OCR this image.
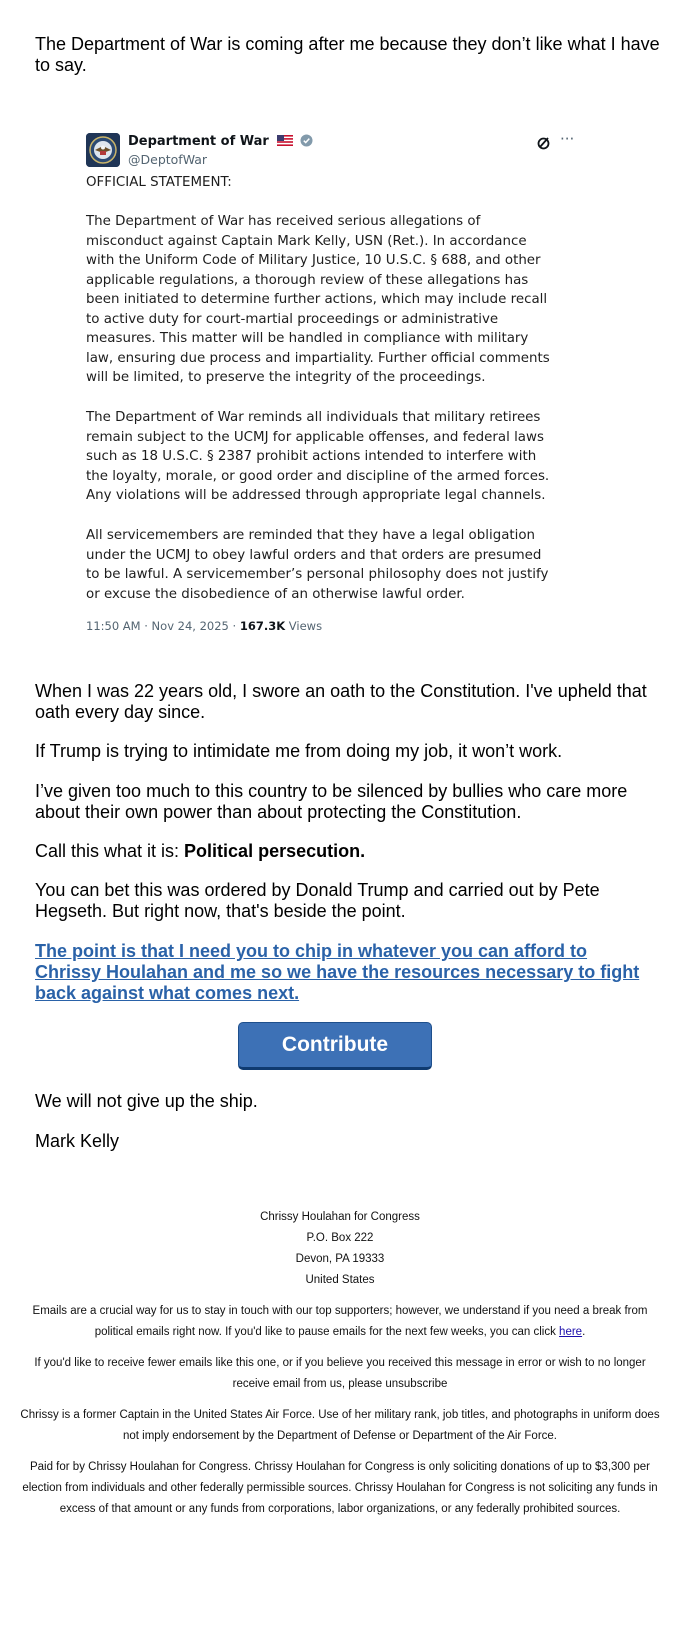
The Department of War is coming after me because they don’t like what I have to say.

Department of War
@DeptofWar
···

OFFICIAL STATEMENT:

The Department of War has received serious allegations of misconduct against Captain Mark Kelly, USN (Ret.). In accordance with the Uniform Code of Military Justice, 10 U.S.C. § 688, and other applicable regulations, a thorough review of these allegations has been initiated to determine further actions, which may include recall to active duty for court-martial proceedings or administrative measures. This matter will be handled in compliance with military law, ensuring due process and impartiality. Further official comments will be limited, to preserve the integrity of the proceedings.

The Department of War reminds all individuals that military retirees remain subject to the UCMJ for applicable offenses, and federal laws such as 18 U.S.C. § 2387 prohibit actions intended to interfere with the loyalty, morale, or good order and discipline of the armed forces. Any violations will be addressed through appropriate legal channels.

All servicemembers are reminded that they have a legal obligation under the UCMJ to obey lawful orders and that orders are presumed to be lawful. A servicemember’s personal philosophy does not justify or excuse the disobedience of an otherwise lawful order.

11:50 AM · Nov 24, 2025 · 167.3K Views

When I was 22 years old, I swore an oath to the Constitution. I've upheld that oath every day since.

If Trump is trying to intimidate me from doing my job, it won’t work.

I’ve given too much to this country to be silenced by bullies who care more about their own power than about protecting the Constitution.

Call this what it is: Political persecution.

You can bet this was ordered by Donald Trump and carried out by Pete Hegseth. But right now, that's beside the point.

The point is that I need you to chip in whatever you can afford to Chrissy Houlahan and me so we have the resources necessary to fight back against what comes next.

Contribute

We will not give up the ship.

Mark Kelly

Chrissy Houlahan for Congress
P.O. Box 222
Devon, PA 19333
United States

Emails are a crucial way for us to stay in touch with our top supporters; however, we understand if you need a break from political emails right now. If you'd like to pause emails for the next few weeks, you can click here.

If you'd like to receive fewer emails like this one, or if you believe you received this message in error or wish to no longer receive email from us, please unsubscribe

Chrissy is a former Captain in the United States Air Force. Use of her military rank, job titles, and photographs in uniform does not imply endorsement by the Department of Defense or Department of the Air Force.

Paid for by Chrissy Houlahan for Congress. Chrissy Houlahan for Congress is only soliciting donations of up to $3,300 per election from individuals and other federally permissible sources. Chrissy Houlahan for Congress is not soliciting any funds in excess of that amount or any funds from corporations, labor organizations, or any federally prohibited sources.
